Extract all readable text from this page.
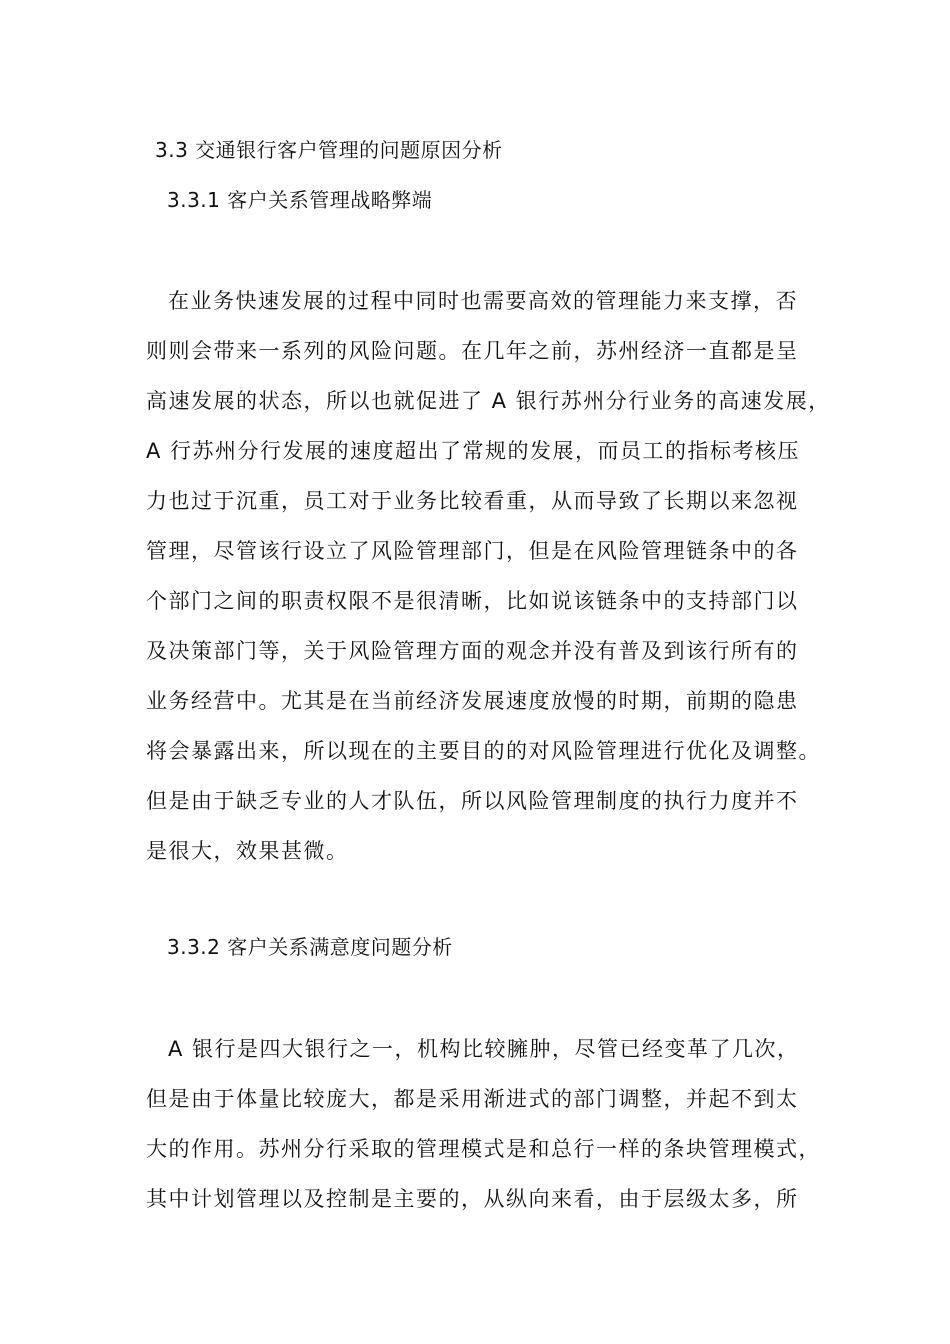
3.3 交通银行客户管理的问题原因分析
3.3.1 客户关系管理战略弊端
在业务快速发展的过程中同时也需要高效的管理能力来支撑，否
则则会带来一系列的风险问题。在几年之前，苏州经济一直都是呈
高速发展的状态，所以也就促进了 A 银行苏州分行业务的高速发展，
A 行苏州分行发展的速度超出了常规的发展，而员工的指标考核压
力也过于沉重，员工对于业务比较看重，从而导致了长期以来忽视
管理，尽管该行设立了风险管理部门，但是在风险管理链条中的各
个部门之间的职责权限不是很清晰，比如说该链条中的支持部门以
及决策部门等，关于风险管理方面的观念并没有普及到该行所有的
业务经营中。尤其是在当前经济发展速度放慢的时期，前期的隐患
将会暴露出来，所以现在的主要目的的对风险管理进行优化及调整。
但是由于缺乏专业的人才队伍，所以风险管理制度的执行力度并不
是很大，效果甚微。
3.3.2 客户关系满意度问题分析
A 银行是四大银行之一，机构比较臃肿，尽管已经变革了几次，
但是由于体量比较庞大，都是采用渐进式的部门调整，并起不到太
大的作用。苏州分行采取的管理模式是和总行一样的条块管理模式，
其中计划管理以及控制是主要的，从纵向来看，由于层级太多，所
